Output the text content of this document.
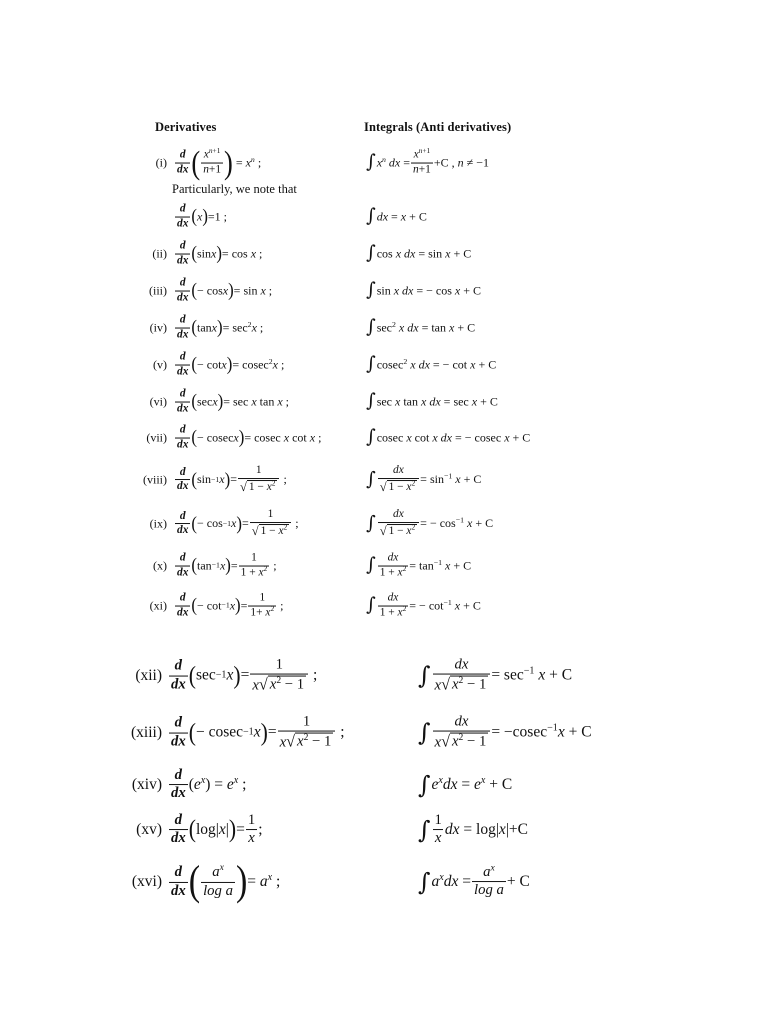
Derivatives	Integrals (Anti derivatives)
Particularly, we note that
$(i) \frac{d}{dx}$ ( $\frac{x^{n+1}}{n+1}$ ) = $x^n$ ;	∫ $x^n$ dx = $\frac{x^{n+1}}{n+1} +C$ , n ≠ −1
$\frac{d}{dx}$ ( x ) =1 ;	∫ dx = x + C
$(ii) \frac{d}{dx}$ ( sin x ) = cos x ;	∫ cos x dx = sin x + C
$(iii) \frac{d}{dx}$ ( − cos x ) = sin x ;	∫ sin x dx = − cos x + C
$(iv) \frac{d}{dx}$ ( tan x ) = $\sec^2x$ ;	∫ $\sec^2 x$ dx = tan x + C
$(v) \frac{d}{dx}$ ( − cot x ) = cosec$^2$x ;	∫ cosec$^2$ x dx = − cot x + C
$(vi) \frac{d}{dx}$ ( sec x ) = sec x tan x ;	∫ sec x tan x dx = sec x + C
$(vii) \frac{d}{dx}$ ( − cosec x ) = cosec x cot x ; ∫ cosec x cot x dx = − cosec x + C
(viii) $\frac{d}{dx}$ ( sin −1 x ) = $\frac{1}{√ 1 - x^2}$ ;	∫ $\frac{dx}{√ 1 - x^2} = \sin^{-1} x + C$
$(ix) \frac{d}{dx}$ ( − cos −1 x ) = $\frac{1}{√ 1 - x^2}$ ;	∫ $\frac{dx}{√ 1 - x^2}$ = − $\cos^{-1} x + C$
$(x) \frac{d}{dx}$ ( tan −1 x ) = $\frac{1}{1 + x^2}$ ;	∫ $\frac{dx}{1 + x^2} = \tan^{-1} x + C$
$(xi) \frac{d}{dx}$ ( − cot −1 x ) = $\frac{1}{1+ x^2}$ ;	∫ $\frac{dx}{1 + x^2}$ = − $\cot^{-1} x + C$
$(xii) \frac{d}{dx}$ ( sec −1 x ) = $\frac{1}{x √ x^2 - 1}$ ;	∫ $\frac{dx}{x √ x^2 - 1} = \sec^{-1} x + C$
(xiii) $\frac{d}{dx}$ ( − cosec −1 x ) = $\frac{1}{x √ x^2 - 1}$ ;	∫ $\frac{dx}{x √ x^2 - 1} = -cosec^{-1}x + C$
$(xiv) \frac{d}{dx} (e^x) = e^x$ ;	∫ $e^xdx = e^x + C$
$(xv) \frac{d}{dx}$ ( log| x | ) = $\frac{1}{x}$ ;	∫ $\frac{1}{x}$ dx = log|x|+C
$(xvi) \frac{d}{dx}$ ( $\frac{a^x}{\text{log a}}$ ) = $a^x$ ;	∫ $a^xdx = \frac{a^x}{\text{log a}} + C$
